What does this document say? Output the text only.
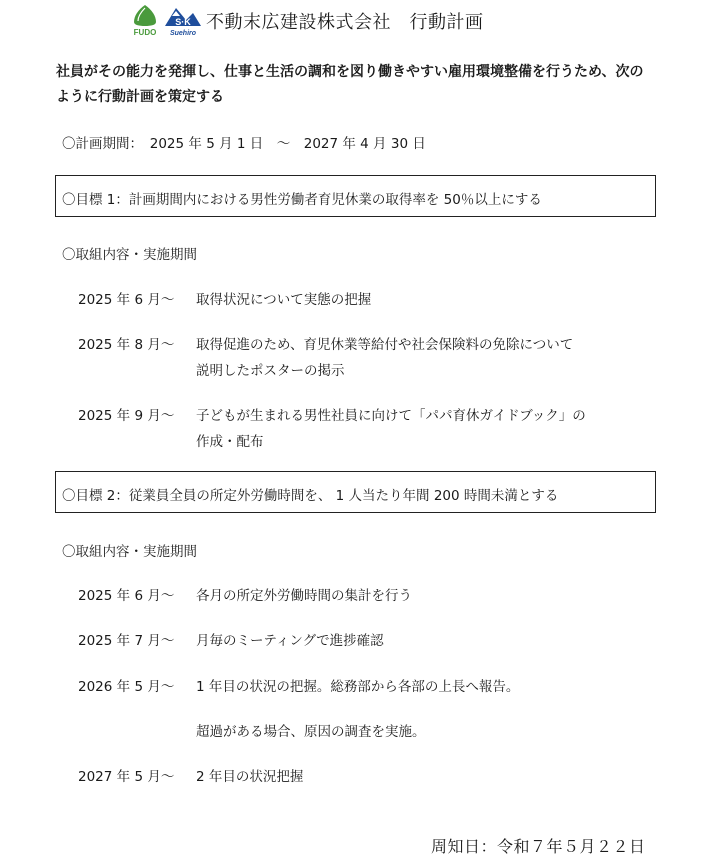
FUDO
S·K
Suehiro
不動末広建設株式会社　行動計画
社員がその能力を発揮し、仕事と生活の調和を図り働きやすい雇用環境整備を行うため、次のように行動計画を策定する
〇計画期間：　2025 年 5 月 1 日　～　2027 年 4 月 30 日
〇目標 1：計画期間内における男性労働者育児休業の取得率を 50％以上にする
〇取組内容・実施期間
2025 年 6 月～ 取得状況について実態の把握
2025 年 8 月～ 取得促進のため、育児休業等給付や社会保険料の免除について
説明したポスターの掲示
2025 年 9 月～ 子どもが生まれる男性社員に向けて「パパ育休ガイドブック」の
作成・配布
〇目標 2：従業員全員の所定外労働時間を、 1 人当たり年間 200 時間未満とする
〇取組内容・実施期間
2025 年 6 月～ 各月の所定外労働時間の集計を行う
2025 年 7 月～ 月毎のミーティングで進捗確認
2026 年 5 月～ 1 年目の状況の把握。総務部から各部の上長へ報告。
超過がある場合、原因の調査を実施。
2027 年 5 月～ 2 年目の状況把握
周知日：令和７年５月２２日
